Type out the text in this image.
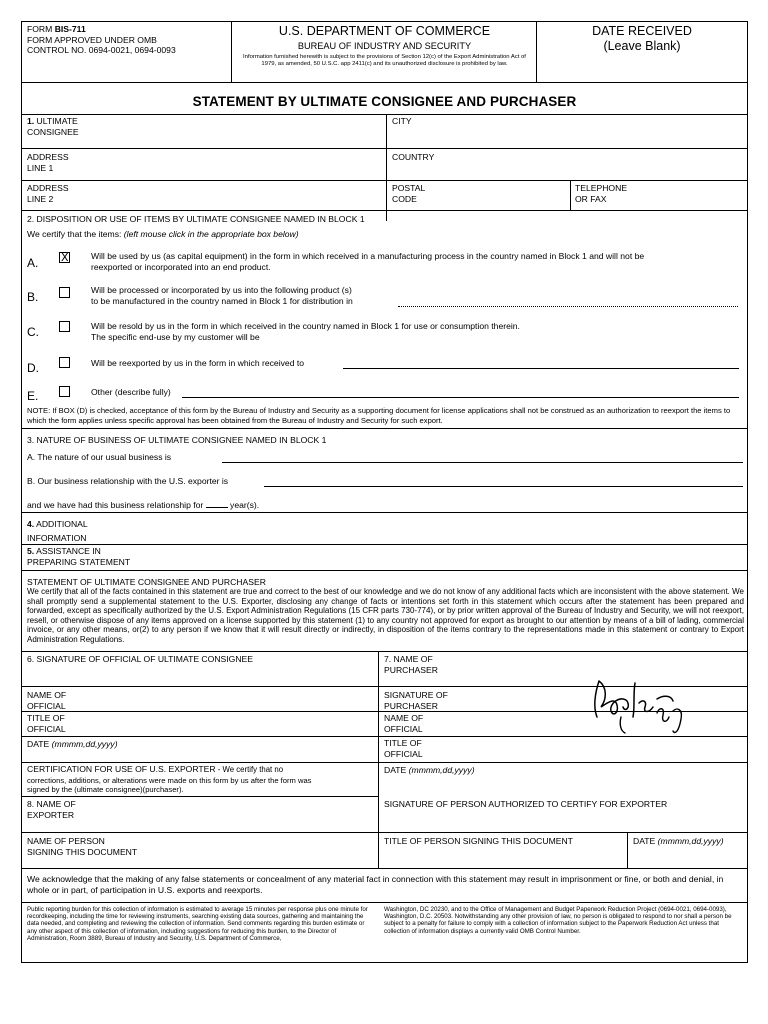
FORM BIS-711
FORM APPROVED UNDER OMB
CONTROL NO. 0694-0021, 0694-0093
U.S. DEPARTMENT OF COMMERCE
BUREAU OF INDUSTRY AND SECURITY
Information furnished herewith is subject to the provisions of Section 12(c) of the Export Administration Act of 1979, as amended, 50 U.S.C. app 2411(c) and its unauthorized disclosure is prohibited by law.
DATE RECEIVED
(Leave Blank)
STATEMENT BY ULTIMATE CONSIGNEE AND PURCHASER
1. ULTIMATE
CONSIGNEE
CITY
ADDRESS
LINE 1
COUNTRY
ADDRESS
LINE 2
POSTAL
CODE
TELEPHONE
OR FAX
2. DISPOSITION OR USE OF ITEMS BY ULTIMATE CONSIGNEE NAMED IN BLOCK 1
We certify that the items: (left mouse click in the appropriate box below)
A.
X	Will be used by us (as capital equipment) in the form in which received in a manufacturing process in the country named in Block 1 and will not be
reexported or incorporated into an end product.
B.	Will be processed or incorporated by us into the following product (s)
to be manufactured in the country named in Block 1 for distribution in
C.	Will be resold by us in the form in which received in the country named in Block 1 for use or consumption therein.
The specific end-use by my customer will be
D.	Will be reexported by us in the form in which received to
E.	Other (describe fully)
NOTE: If BOX (D) is checked, acceptance of this form by the Bureau of Industry and Security as a supporting document for license applications shall not be construed as an authorization to reexport the items to which the form applies unless specific approval has been obtained from the Bureau of Industry and Security for such export.
3. NATURE OF BUSINESS OF ULTIMATE CONSIGNEE NAMED IN BLOCK 1
A. The nature of our usual business is
B. Our business relationship with the U.S. exporter is
and we have had this business relationship for	year(s).
4. ADDITIONAL
INFORMATION
5. ASSISTANCE IN
PREPARING STATEMENT
STATEMENT OF ULTIMATE CONSIGNEE AND PURCHASER
We certify that all of the facts contained in this statement are true and correct to the best of our knowledge and we do not know of any additional facts which are inconsistent with the above statement. We shall promptly send a supplemental statement to the U.S. Exporter, disclosing any change of facts or intentions set forth in this statement which occurs after the statement has been prepared and forwarded, except as specifically authorized by the U.S. Export Administration Regulations (15 CFR parts 730-774), or by prior written approval of the Bureau of Industry and Security, we will not reexport, resell, or otherwise dispose of any items approved on a license supported by this statement (1) to any country not approved for export as brought to our attention by means of a bill of lading, commercial invoice, or any other means, or(2) to any person if we know that it will result directly or indirectly, in disposition of the items contrary to the representations made in this statement or contrary to Export Administration Regulations.
6. SIGNATURE OF OFFICIAL OF ULTIMATE CONSIGNEE	7. NAME OF
PURCHASER
NAME OF
OFFICIAL
SIGNATURE OF
PURCHASER
TITLE OF
OFFICIAL
NAME OF
OFFICIAL
DATE (mmmm,dd,yyyy)	TITLE OF
OFFICIAL
CERTIFICATION FOR USE OF U.S. EXPORTER - We certify that no
corrections, additions, or alterations were made on this form by us after the form was
signed by the (ultimate consignee)(purchaser).
DATE (mmmm,dd,yyyy)
8. NAME OF
EXPORTER
SIGNATURE OF PERSON AUTHORIZED TO CERTIFY FOR EXPORTER
NAME OF PERSON
SIGNING THIS DOCUMENT
TITLE OF PERSON SIGNING THIS DOCUMENT	DATE (mmmm,dd,yyyy)
We acknowledge that the making of any false statements or concealment of any material fact in connection with this statement may result in imprisonment or fine, or both and denial, in whole or in part, of participation in U.S. exports and reexports.
Public reporting burden for this collection of information is estimated to average 15 minutes per response plus one minute for recordkeeping, including the time for reviewing instruments, searching existing data sources, gathering and maintaining the data needed, and completing and reviewing the collection of information. Send comments regarding this burden estimate or any other aspect of this collection of information, including suggestions for reducing this burden, to the Director of Administration, Room 3889, Bureau of Industry and Security, U.S. Department of Commerce,
Washington, DC 20230, and to the Office of Management and Budget Paperwork Reduction Project (0694-0021, 0694-0093), Washington, D.C. 20503. Notwithstanding any other provision of law, no person is obligated to respond to nor shall a person be subject to a penalty for failure to comply with a collection of information subject to the Paperwork Reduction Act unless that collection of information displays a currently valid OMB Control Number.
